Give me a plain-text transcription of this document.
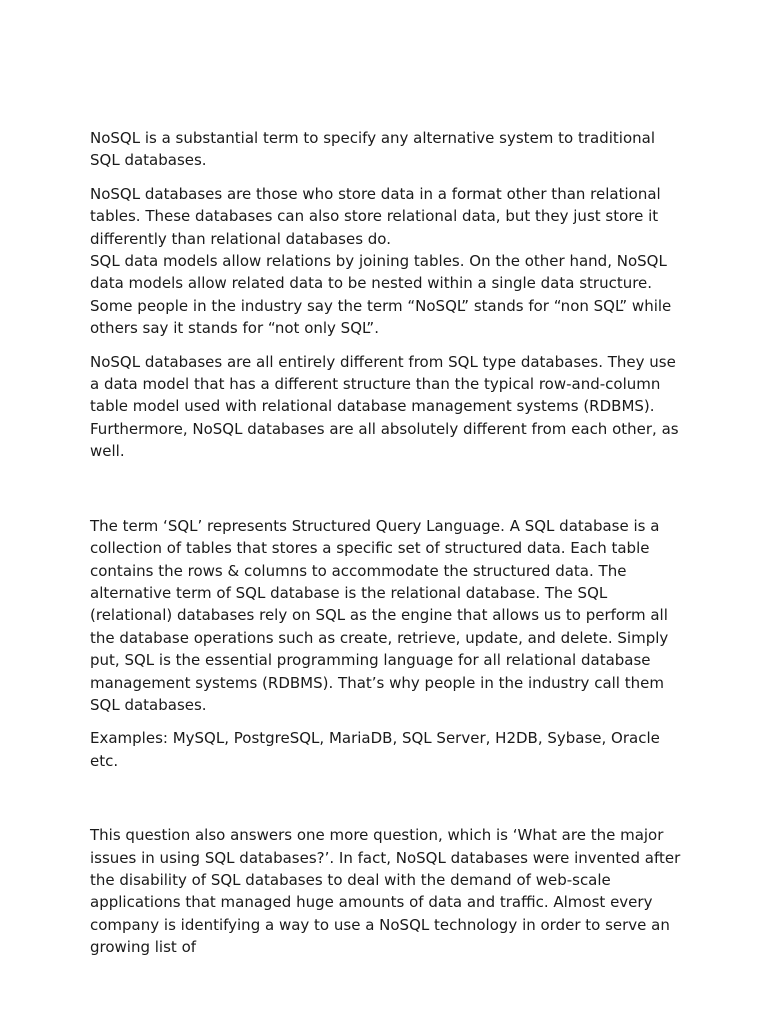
NoSQL is a substantial term to specify any alternative system to traditional SQL databases.

NoSQL databases are those who store data in a format other than relational tables. These databases can also store relational data, but they just store it differently than relational databases do.

SQL data models allow relations by joining tables. On the other hand, NoSQL data models allow related data to be nested within a single data structure. Some people in the industry say the term “NoSQL” stands for “non SQL” while others say it stands for “not only SQL”.

NoSQL databases are all entirely different from SQL type databases. They use a data model that has a different structure than the typical row-and-column table model used with relational database management systems (RDBMS). Furthermore, NoSQL databases are all absolutely different from each other, as well.

The term ‘SQL’ represents Structured Query Language. A SQL database is a collection of tables that stores a specific set of structured data. Each table contains the rows & columns to accommodate the structured data. The alternative term of SQL database is the relational database. The SQL (relational) databases rely on SQL as the engine that allows us to perform all the database operations such as create, retrieve, update, and delete. Simply put, SQL is the essential programming language for all relational database management systems (RDBMS). That’s why people in the industry call them SQL databases.

Examples: MySQL, PostgreSQL, MariaDB, SQL Server, H2DB, Sybase, Oracle etc.

This question also answers one more question, which is ‘What are the major issues in using SQL databases?’. In fact, NoSQL databases were invented after the disability of SQL databases to deal with the demand of web-scale applications that managed huge amounts of data and traffic. Almost every company is identifying a way to use a NoSQL technology in order to serve an growing list of
